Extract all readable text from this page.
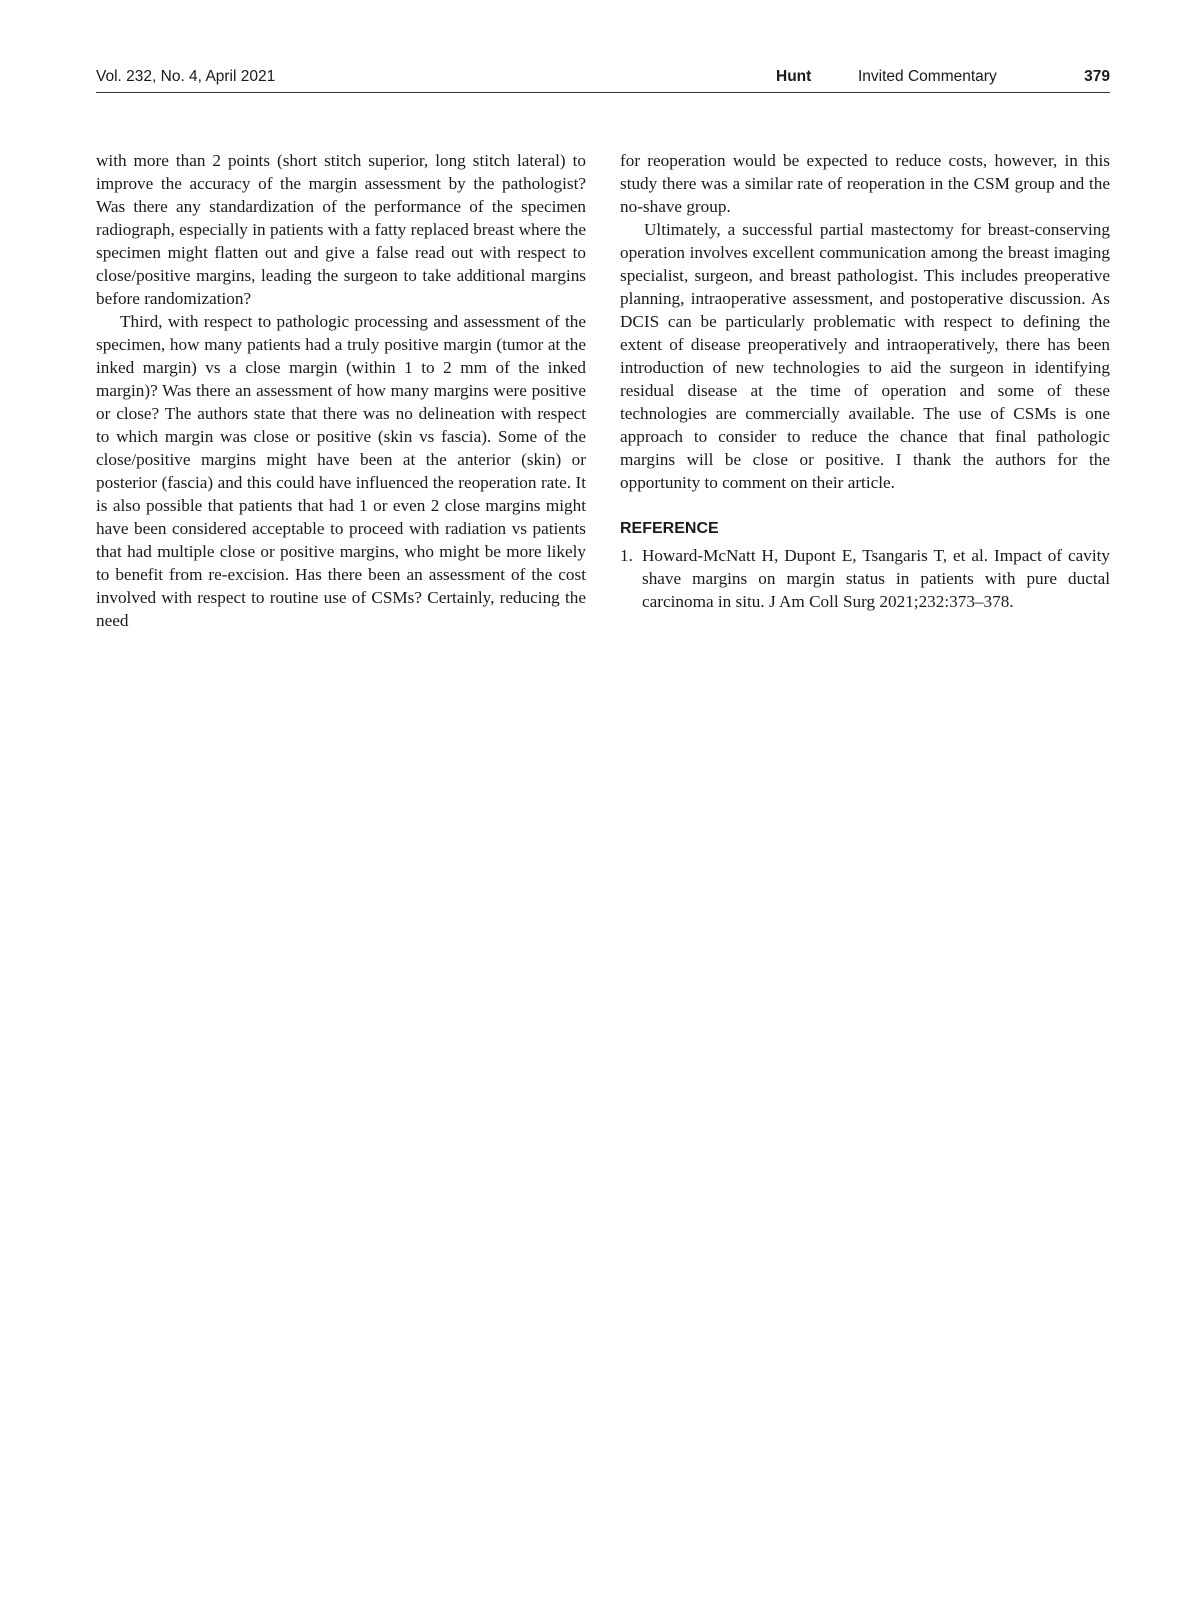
Vol. 232, No. 4, April 2021	Hunt	Invited Commentary	379

with more than 2 points (short stitch superior, long stitch lateral) to improve the accuracy of the margin assessment by the pathologist? Was there any standardization of the performance of the specimen radiograph, especially in patients with a fatty replaced breast where the specimen might flatten out and give a false read out with respect to close/positive margins, leading the surgeon to take additional margins before randomization?

Third, with respect to pathologic processing and assessment of the specimen, how many patients had a truly positive margin (tumor at the inked margin) vs a close margin (within 1 to 2 mm of the inked margin)? Was there an assessment of how many margins were positive or close? The authors state that there was no delineation with respect to which margin was close or positive (skin vs fascia). Some of the close/positive margins might have been at the anterior (skin) or posterior (fascia) and this could have influenced the reoperation rate. It is also possible that patients that had 1 or even 2 close margins might have been considered acceptable to proceed with radiation vs patients that had multiple close or positive margins, who might be more likely to benefit from re-excision. Has there been an assessment of the cost involved with respect to routine use of CSMs? Certainly, reducing the need

for reoperation would be expected to reduce costs, however, in this study there was a similar rate of reoperation in the CSM group and the no-shave group.

Ultimately, a successful partial mastectomy for breast-conserving operation involves excellent communication among the breast imaging specialist, surgeon, and breast pathologist. This includes preoperative planning, intraoperative assessment, and postoperative discussion. As DCIS can be particularly problematic with respect to defining the extent of disease preoperatively and intraoperatively, there has been introduction of new technologies to aid the surgeon in identifying residual disease at the time of operation and some of these technologies are commercially available. The use of CSMs is one approach to consider to reduce the chance that final pathologic margins will be close or positive. I thank the authors for the opportunity to comment on their article.

REFERENCE
1. Howard-McNatt H, Dupont E, Tsangaris T, et al. Impact of cavity shave margins on margin status in patients with pure ductal carcinoma in situ. J Am Coll Surg 2021;232:373–378.
